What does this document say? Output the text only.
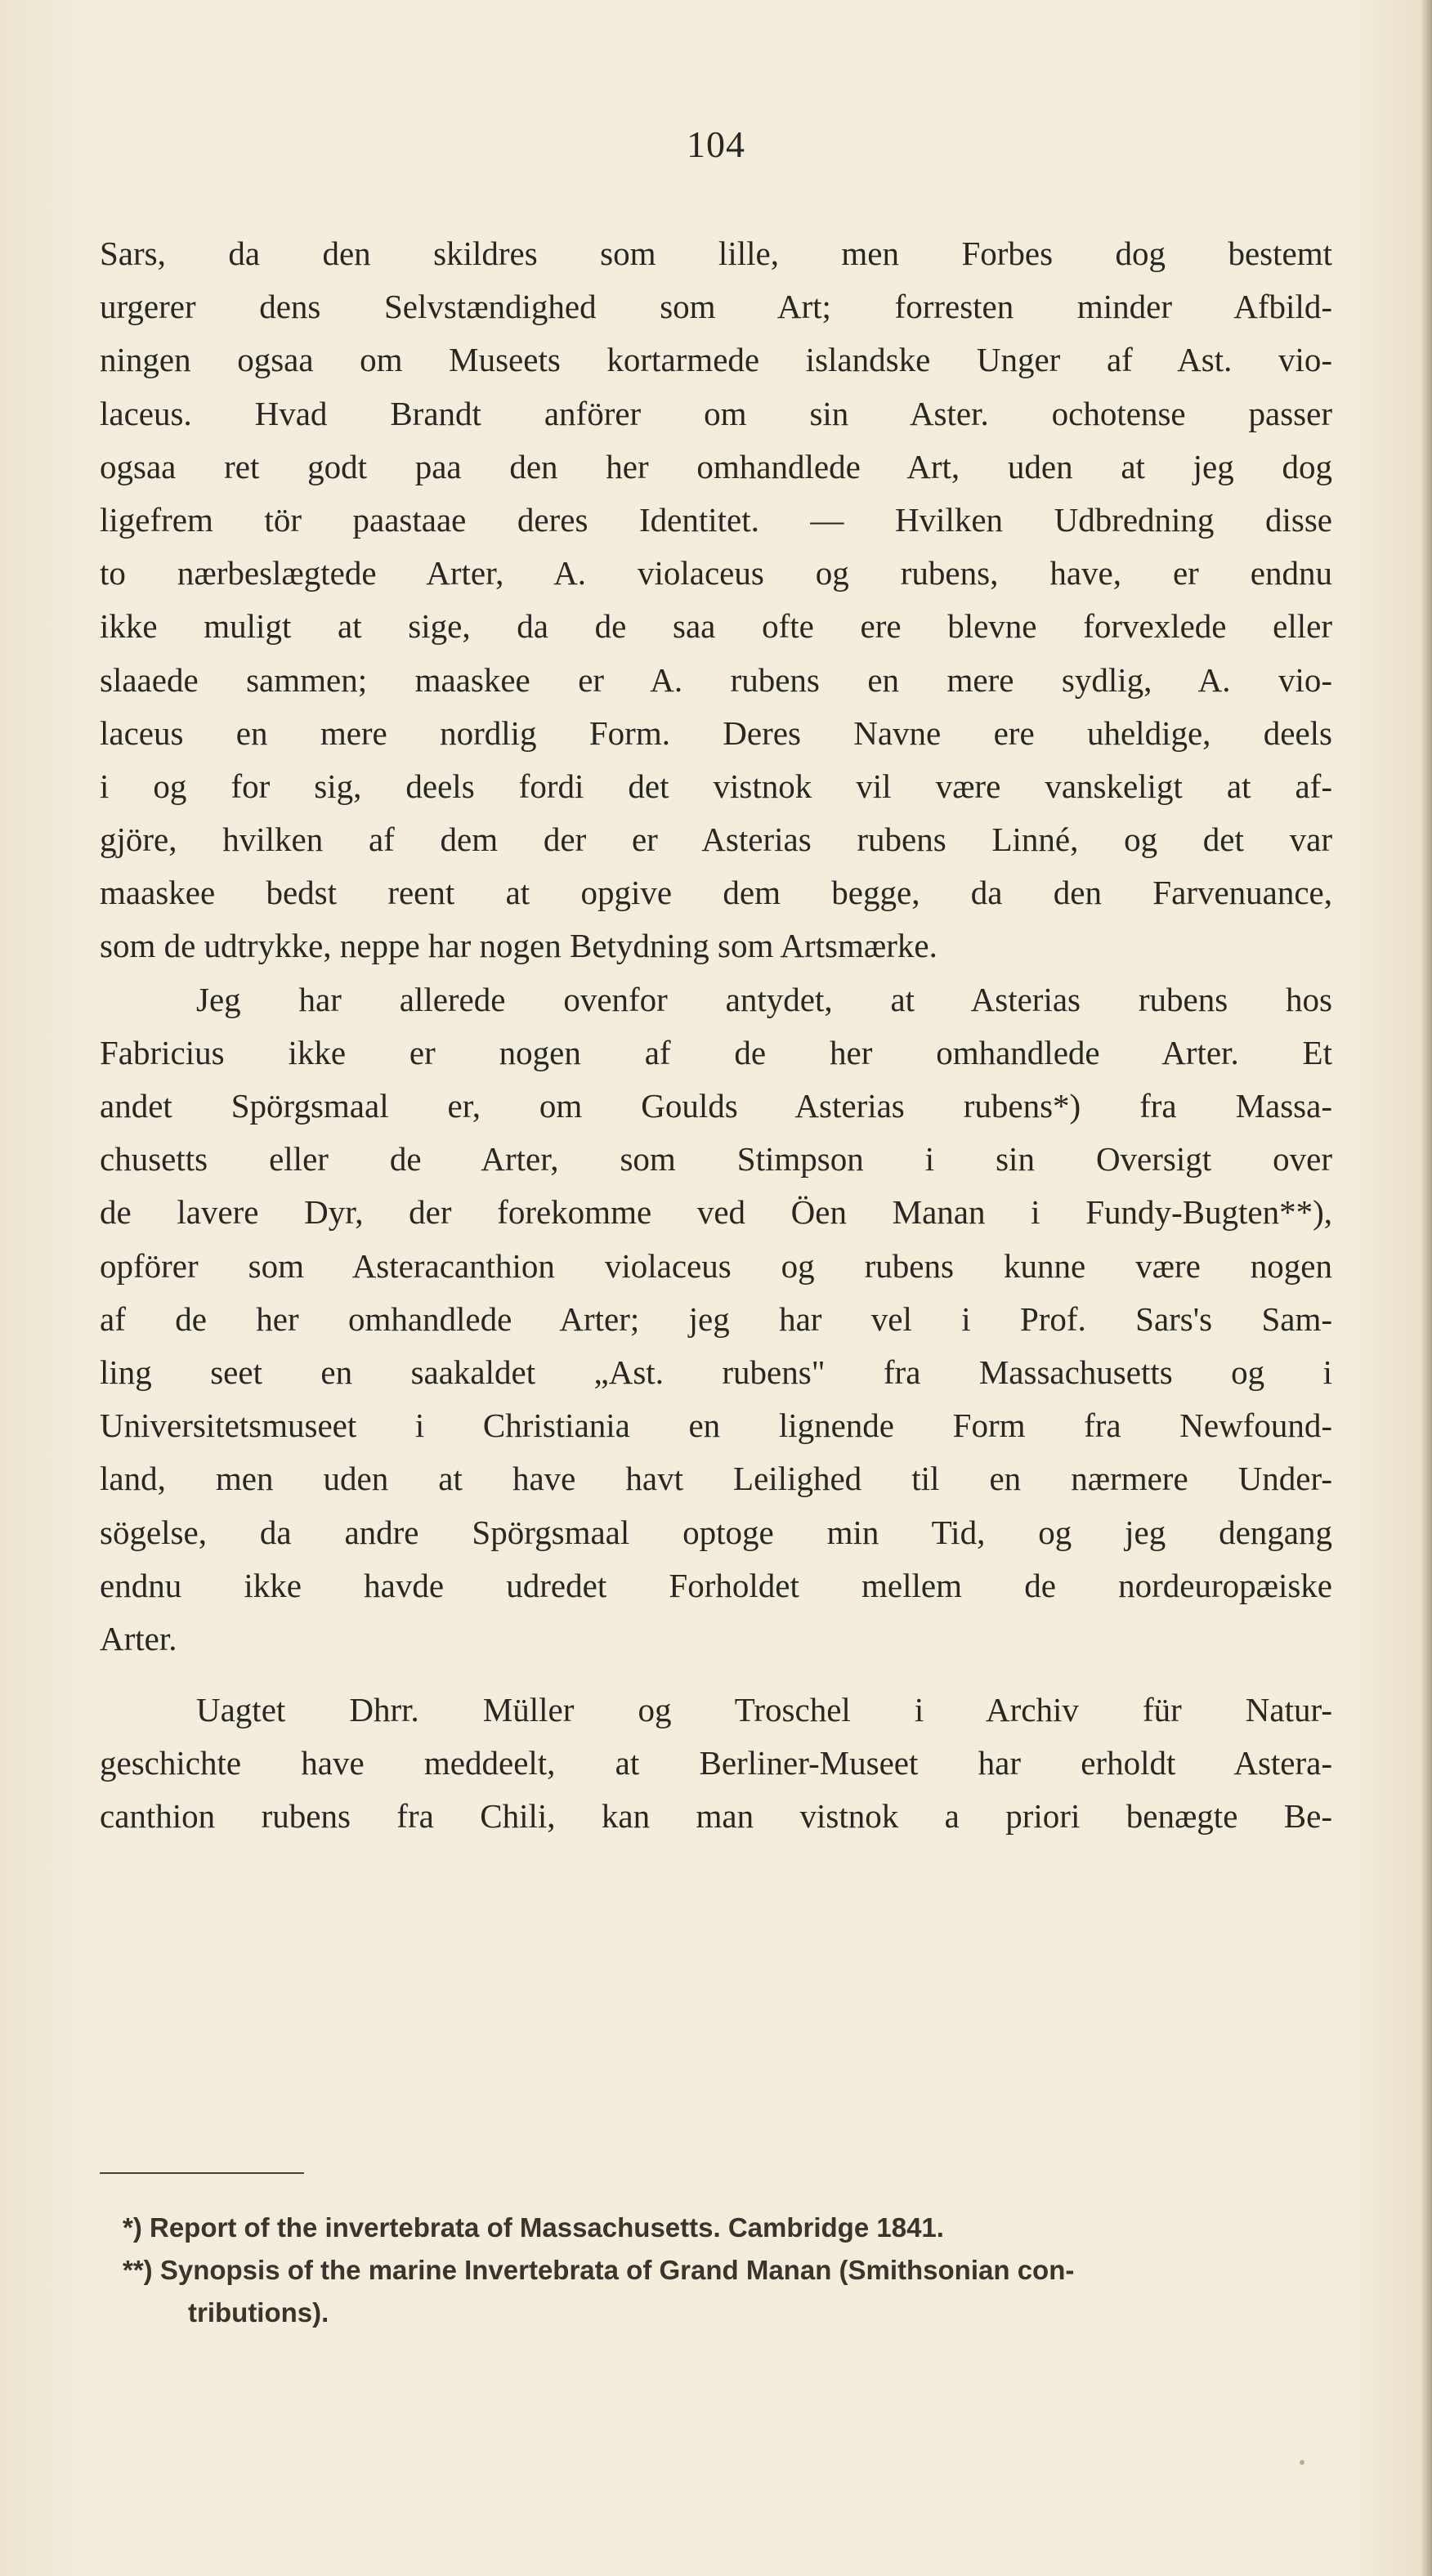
104
Sars, da den skildres som lille, men Forbes dog bestemt
urgerer dens Selvstændighed som Art; forresten minder Afbild-
ningen ogsaa om Museets kortarmede islandske Unger af Ast. vio-
laceus. Hvad Brandt anförer om sin Aster. ochotense passer
ogsaa ret godt paa den her omhandlede Art, uden at jeg dog
ligefrem tör paastaae deres Identitet. — Hvilken Udbredning disse
to nærbeslægtede Arter, A. violaceus og rubens, have, er endnu
ikke muligt at sige, da de saa ofte ere blevne forvexlede eller
slaaede sammen; maaskee er A. rubens en mere sydlig, A. vio-
laceus en mere nordlig Form. Deres Navne ere uheldige, deels
i og for sig, deels fordi det vistnok vil være vanskeligt at af-
gjöre, hvilken af dem der er Asterias rubens Linné, og det var
maaskee bedst reent at opgive dem begge, da den Farvenuance,
som de udtrykke, neppe har nogen Betydning som Artsmærke.
Jeg har allerede ovenfor antydet, at Asterias rubens hos
Fabricius ikke er nogen af de her omhandlede Arter. Et
andet Spörgsmaal er, om Goulds Asterias rubens*) fra Massa-
chusetts eller de Arter, som Stimpson i sin Oversigt over
de lavere Dyr, der forekomme ved Öen Manan i Fundy-Bugten**),
opförer som Asteracanthion violaceus og rubens kunne være nogen
af de her omhandlede Arter; jeg har vel i Prof. Sars's Sam-
ling seet en saakaldet „Ast. rubens" fra Massachusetts og i
Universitetsmuseet i Christiania en lignende Form fra Newfound-
land, men uden at have havt Leilighed til en nærmere Under-
sögelse, da andre Spörgsmaal optoge min Tid, og jeg dengang
endnu ikke havde udredet Forholdet mellem de nordeuropæiske
Arter.
Uagtet Dhrr. Müller og Troschel i Archiv für Natur-
geschichte have meddeelt, at Berliner-Museet har erholdt Astera-
canthion rubens fra Chili, kan man vistnok a priori benægte Be-
*) Report of the invertebrata of Massachusetts. Cambridge 1841.
**) Synopsis of the marine Invertebrata of Grand Manan (Smithsonian con-
tributions).
